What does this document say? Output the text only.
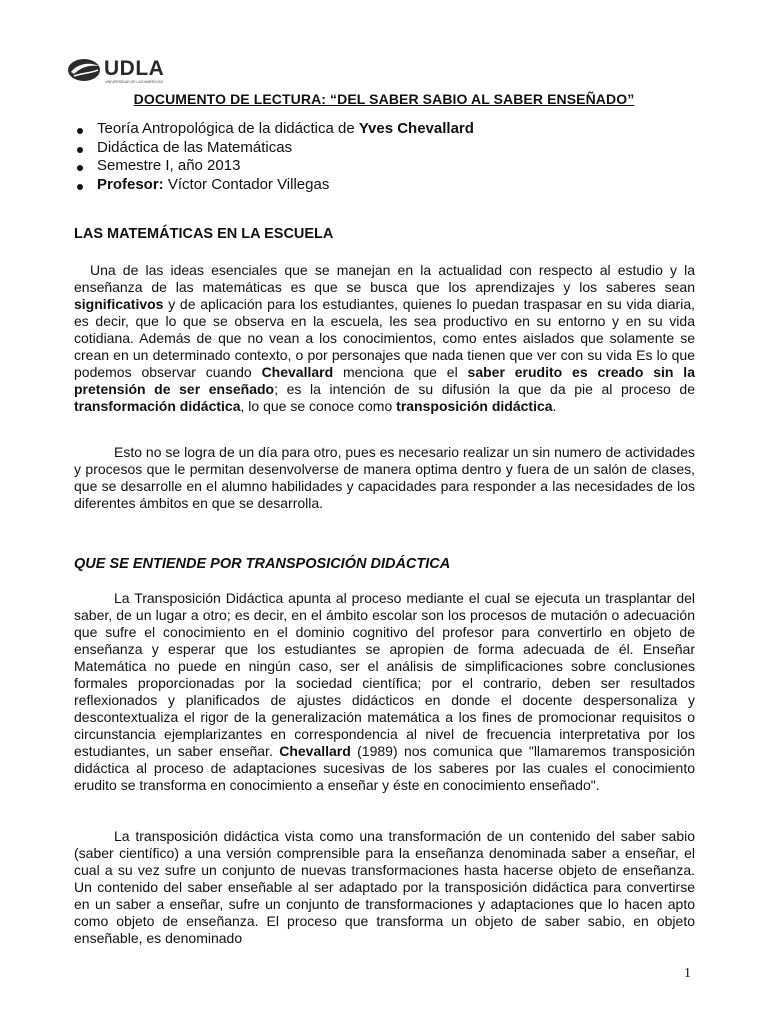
UDLA
UNIVERSIDAD DE LAS AMÉRICAS
DOCUMENTO DE LECTURA: “DEL SABER SABIO AL SABER ENSEÑADO”
Teoría Antropológica de la didáctica de Yves Chevallard
Didáctica de las Matemáticas
Semestre I, año 2013
Profesor: Víctor Contador Villegas
LAS MATEMÁTICAS EN LA ESCUELA

Una de las ideas esenciales que se manejan en la actualidad con respecto al estudio y la enseñanza de las matemáticas es que se busca que los aprendizajes y los saberes sean significativos y de aplicación para los estudiantes, quienes lo puedan traspasar en su vida diaria, es decir, que lo que se observa en la escuela, les sea productivo en su entorno y en su vida cotidiana. Además de que no vean a los conocimientos, como entes aislados que solamente se crean en un determinado contexto, o por personajes que nada tienen que ver con su vida Es lo que podemos observar cuando Chevallard menciona que el saber erudito es creado sin la pretensión de ser enseñado; es la intención de su difusión la que da pie al proceso de transformación didáctica, lo que se conoce como transposición didáctica.

Esto no se logra de un día para otro, pues es necesario realizar un sin numero de actividades y procesos que le permitan desenvolverse de manera optima dentro y fuera de un salón de clases, que se desarrolle en el alumno habilidades y capacidades para responder a las necesidades de los diferentes ámbitos en que se desarrolla.

QUE SE ENTIENDE POR TRANSPOSICIÓN DIDÁCTICA

La Transposición Didáctica apunta al proceso mediante el cual se ejecuta un trasplantar del saber, de un lugar a otro; es decir, en el ámbito escolar son los procesos de mutación o adecuación que sufre el conocimiento en el dominio cognitivo del profesor para convertirlo en objeto de enseñanza y esperar que los estudiantes se apropien de forma adecuada de él. Enseñar Matemática no puede en ningún caso, ser el análisis de simplificaciones sobre conclusiones formales proporcionadas por la sociedad científica; por el contrario, deben ser resultados reflexionados y planificados de ajustes didácticos en donde el docente despersonaliza y descontextualiza el rigor de la generalización matemática a los fines de promocionar requisitos o circunstancia ejemplarizantes en correspondencia al nivel de frecuencia interpretativa por los estudiantes, un saber enseñar. Chevallard (1989) nos comunica que "llamaremos transposición didáctica al proceso de adaptaciones sucesivas de los saberes por las cuales el conocimiento erudito se transforma en conocimiento a enseñar y éste en conocimiento enseñado".

La transposición didáctica vista como una transformación de un contenido del saber sabio (saber científico) a una versión comprensible para la enseñanza denominada saber a enseñar, el cual a su vez sufre un conjunto de nuevas transformaciones hasta hacerse objeto de enseñanza. Un contenido del saber enseñable al ser adaptado por la transposición didáctica para convertirse en un saber a enseñar, sufre un conjunto de transformaciones y adaptaciones que lo hacen apto como objeto de enseñanza. El proceso que transforma un objeto de saber sabio, en objeto enseñable, es denominado

1
